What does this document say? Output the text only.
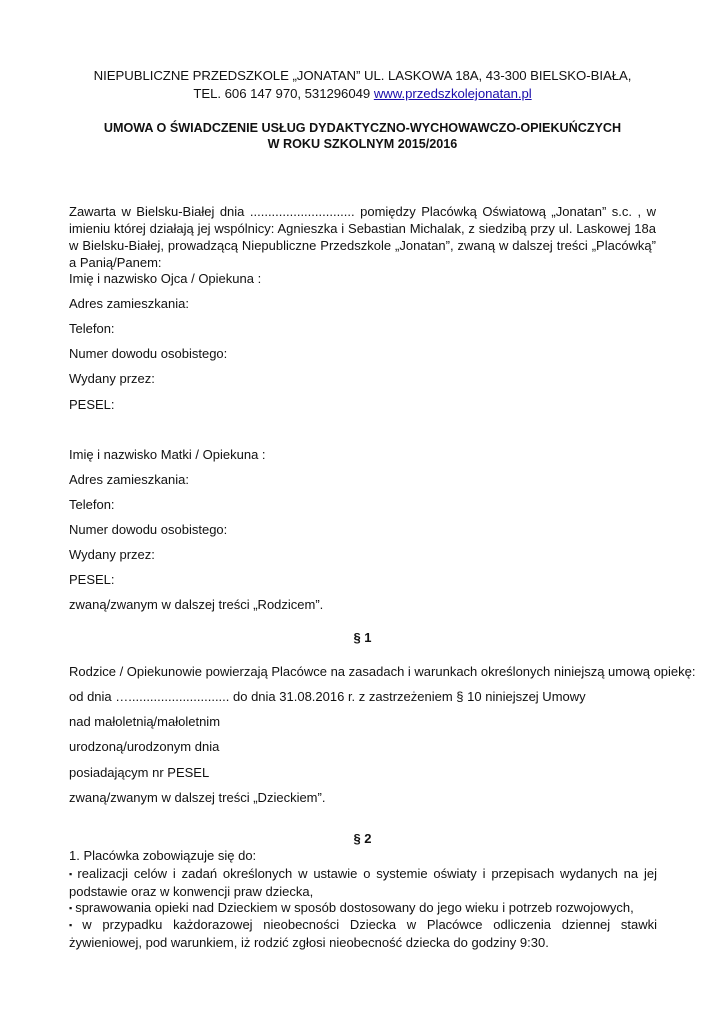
NIEPUBLICZNE PRZEDSZKOLE „JONATAN” UL. LASKOWA 18A, 43-300 BIELSKO-BIAŁA,
TEL. 606 147 970, 531296049 www.przedszkolejonatan.pl
UMOWA O ŚWIADCZENIE USŁUG DYDAKTYCZNO-WYCHOWAWCZO-OPIEKUŃCZYCH
W ROKU SZKOLNYM 2015/2016
Zawarta w Bielsku-Białej dnia ............................. pomiędzy Placówką Oświatową „Jonatan” s.c. , w imieniu której działają jej wspólnicy: Agnieszka i Sebastian Michalak, z siedzibą przy ul. Laskowej 18a w Bielsku-Białej, prowadzącą Niepubliczne Przedszkole „Jonatan”, zwaną w dalszej treści „Placówką” a Panią/Panem:
Imię i nazwisko Ojca / Opiekuna :
Adres zamieszkania:
Telefon:
Numer dowodu osobistego:
Wydany przez:
PESEL:
Imię i nazwisko Matki / Opiekuna :
Adres zamieszkania:
Telefon:
Numer dowodu osobistego:
Wydany przez:
PESEL:
zwaną/zwanym w dalszej treści „Rodzicem”.
§ 1
Rodzice / Opiekunowie powierzają Placówce na zasadach i warunkach określonych niniejszą umową opiekę:
od dnia …............................ do dnia 31.08.2016 r. z zastrzeżeniem § 10 niniejszej Umowy
nad małoletnią/małoletnim
urodzoną/urodzonym dnia
posiadającym nr PESEL
zwaną/zwanym w dalszej treści „Dzieckiem”.
§ 2
1. Placówka zobowiązuje się do:
▪ realizacji celów i zadań określonych w ustawie o systemie oświaty i przepisach wydanych na jej podstawie oraz w konwencji praw dziecka,
▪ sprawowania opieki nad Dzieckiem w sposób dostosowany do jego wieku i potrzeb rozwojowych,
▪ w przypadku każdorazowej nieobecności Dziecka w Placówce odliczenia dziennej stawki żywieniowej, pod warunkiem, iż rodzić zgłosi nieobecność dziecka do godziny 9:30.
